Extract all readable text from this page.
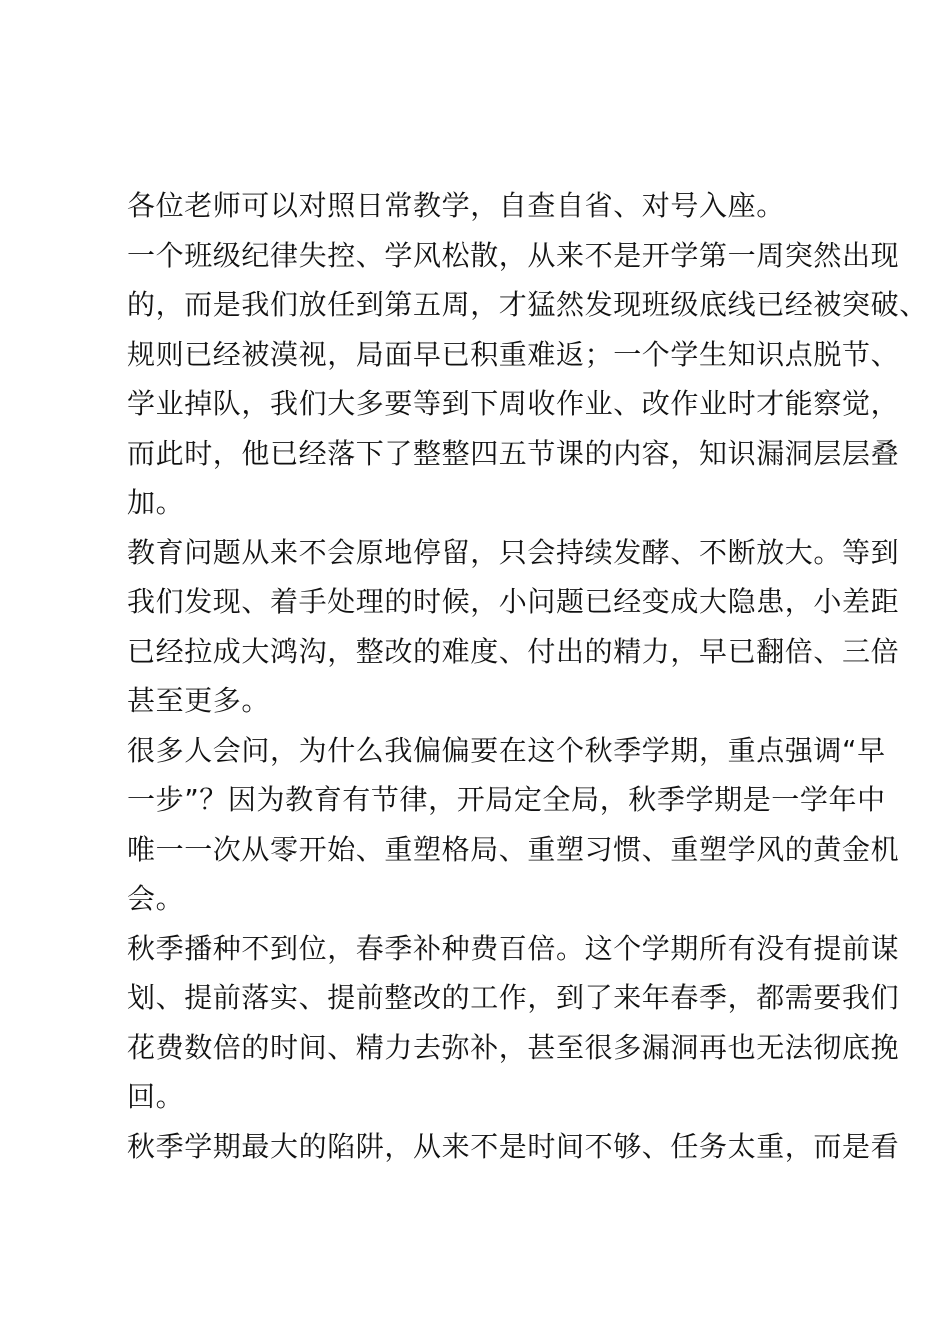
各位老师可以对照日常教学，自查自省、对号入座。
一个班级纪律失控、学风松散，从来不是开学第一周突然出现
的，而是我们放任到第五周，才猛然发现班级底线已经被突破、
规则已经被漠视，局面早已积重难返；一个学生知识点脱节、
学业掉队，我们大多要等到下周收作业、改作业时才能察觉，
而此时，他已经落下了整整四五节课的内容，知识漏洞层层叠
加。
教育问题从来不会原地停留，只会持续发酵、不断放大。等到
我们发现、着手处理的时候，小问题已经变成大隐患，小差距
已经拉成大鸿沟，整改的难度、付出的精力，早已翻倍、三倍
甚至更多。
很多人会问，为什么我偏偏要在这个秋季学期，重点强调“早
一步”？因为教育有节律，开局定全局，秋季学期是一学年中
唯一一次从零开始、重塑格局、重塑习惯、重塑学风的黄金机
会。
秋季播种不到位，春季补种费百倍。这个学期所有没有提前谋
划、提前落实、提前整改的工作，到了来年春季，都需要我们
花费数倍的时间、精力去弥补，甚至很多漏洞再也无法彻底挽
回。
秋季学期最大的陷阱，从来不是时间不够、任务太重，而是看
